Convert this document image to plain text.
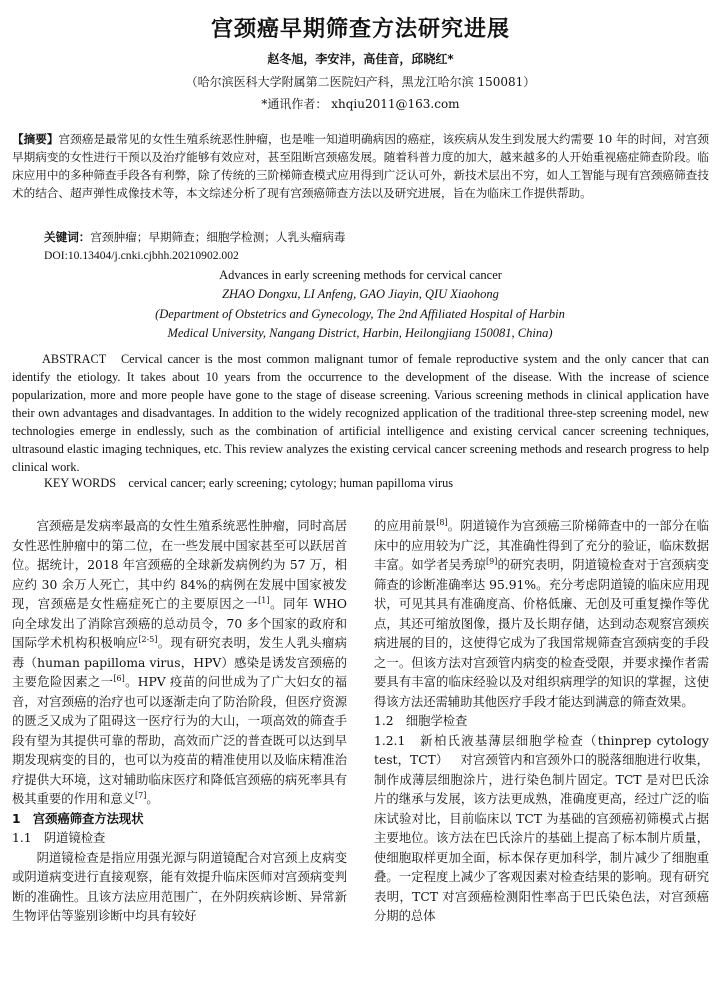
宫颈癌早期筛查方法研究进展
赵冬旭，李安沣，高佳音，邱晓红*
（哈尔滨医科大学附属第二医院妇产科，黑龙江哈尔滨 150081）
*通讯作者： xhqiu2011@163.com
【摘要】宫颈癌是最常见的女性生殖系统恶性肿瘤，也是唯一知道明确病因的癌症，该疾病从发生到发展大约需要 10 年的时间，对宫颈早期病变的女性进行干预以及治疗能够有效应对，甚至阻断宫颈癌发展。随着科普力度的加大，越来越多的人开始重视癌症筛查阶段。临床应用中的多种筛查手段各有利弊，除了传统的三阶梯筛查模式应用得到广泛认可外，新技术层出不穷，如人工智能与现有宫颈癌筛查技术的结合、超声弹性成像技术等，本文综述分析了现有宫颈癌筛查方法以及研究进展，旨在为临床工作提供帮助。
关键词：宫颈肿瘤；早期筛查；细胞学检测；人乳头瘤病毒
DOI:10.13404/j.cnki.cjbhh.20210902.002
Advances in early screening methods for cervical cancer
ZHAO Dongxu, LI Anfeng, GAO Jiayin, QIU Xiaohong
(Department of Obstetrics and Gynecology, The 2nd Affiliated Hospital of Harbin Medical University, Nangang District, Harbin, Heilongjiang 150081, China)
ABSTRACT Cervical cancer is the most common malignant tumor of female reproductive system and the only cancer that can identify the etiology. It takes about 10 years from the occurrence to the development of the disease. With the increase of science popularization, more and more people have gone to the stage of disease screening. Various screening methods in clinical application have their own advantages and disadvantages. In addition to the widely recognized application of the traditional three-step screening model, new technologies emerge in endlessly, such as the combination of artificial intelligence and existing cervical cancer screening techniques, ultrasound elastic imaging techniques, etc. This review analyzes the existing cervical cancer screening methods and research progress to help clinical work.
KEY WORDS cervical cancer; early screening; cytology; human papilloma virus

宫颈癌是发病率最高的女性生殖系统恶性肿瘤，同时高居女性恶性肿瘤中的第二位，在一些发展中国家甚至可以跃居首位。据统计，2018 年宫颈癌的全球新发病例约为 57 万，相应约 30 余万人死亡，其中约 84%的病例在发展中国家被发现，宫颈癌是女性癌症死亡的主要原因之一[1]。同年 WHO 向全球发出了消除宫颈癌的总动员令，70 多个国家的政府和国际学术机构积极响应[2-5]。现有研究表明，发生人乳头瘤病毒（human papilloma virus，HPV）感染是诱发宫颈癌的主要危险因素之一[6]。HPV 疫苗的问世成为了广大妇女的福音，对宫颈癌的治疗也可以逐渐走向了防治阶段，但医疗资源的匮乏又成为了阻碍这一医疗行为的大山，一项高效的筛查手段有望为其提供可靠的帮助，高效而广泛的普查既可以达到早期发现病变的目的，也可以为疫苗的精准使用以及临床精准治疗提供大环境，这对辅助临床医疗和降低宫颈癌的病死率具有极其重要的作用和意义[7]。

1　宫颈癌筛查方法现状
1.1　阴道镜检查

阴道镜检查是指应用强光源与阴道镜配合对宫颈上皮病变或阴道病变进行直接观察，能有效提升临床医师对宫颈病变判断的准确性。且该方法应用范围广，在外阴疾病诊断、异常新生物评估等鉴别诊断中均具有较好

的应用前景[8]。阴道镜作为宫颈癌三阶梯筛查中的一部分在临床中的应用较为广泛，其准确性得到了充分的验证，临床数据丰富。如学者吴秀琼[9]的研究表明，阴道镜检查对于宫颈病变筛查的诊断准确率达 95.91%。充分考虑阴道镜的临床应用现状，可见其具有准确度高、价格低廉、无创及可重复操作等优点，其还可缩放图像，摄片及长期存储，达到动态观察宫颈疾病进展的目的，这使得它成为了我国常规筛查宫颈病变的手段之一。但该方法对宫颈管内病变的检查受限，并要求操作者需要具有丰富的临床经验以及对组织病理学的知识的掌握，这使得该方法还需辅助其他医疗手段才能达到满意的筛查效果。
1.2　细胞学检查
1.2.1　新柏氏液基薄层细胞学检查（thinprep cytology test，TCT） 对宫颈管内和宫颈外口的脱落细胞进行收集，制作成薄层细胞涂片，进行染色制片固定。TCT 是对巴氏涂片的继承与发展，该方法更成熟，准确度更高，经过广泛的临床试验对比，目前临床以 TCT 为基础的宫颈癌初筛模式占据主要地位。该方法在巴氏涂片的基础上提高了标本制片质量，使细胞取样更加全面，标本保存更加科学，制片减少了细胞重叠。一定程度上减少了客观因素对检查结果的影响。现有研究表明，TCT 对宫颈癌检测阳性率高于巴氏染色法，对宫颈癌分期的总体
